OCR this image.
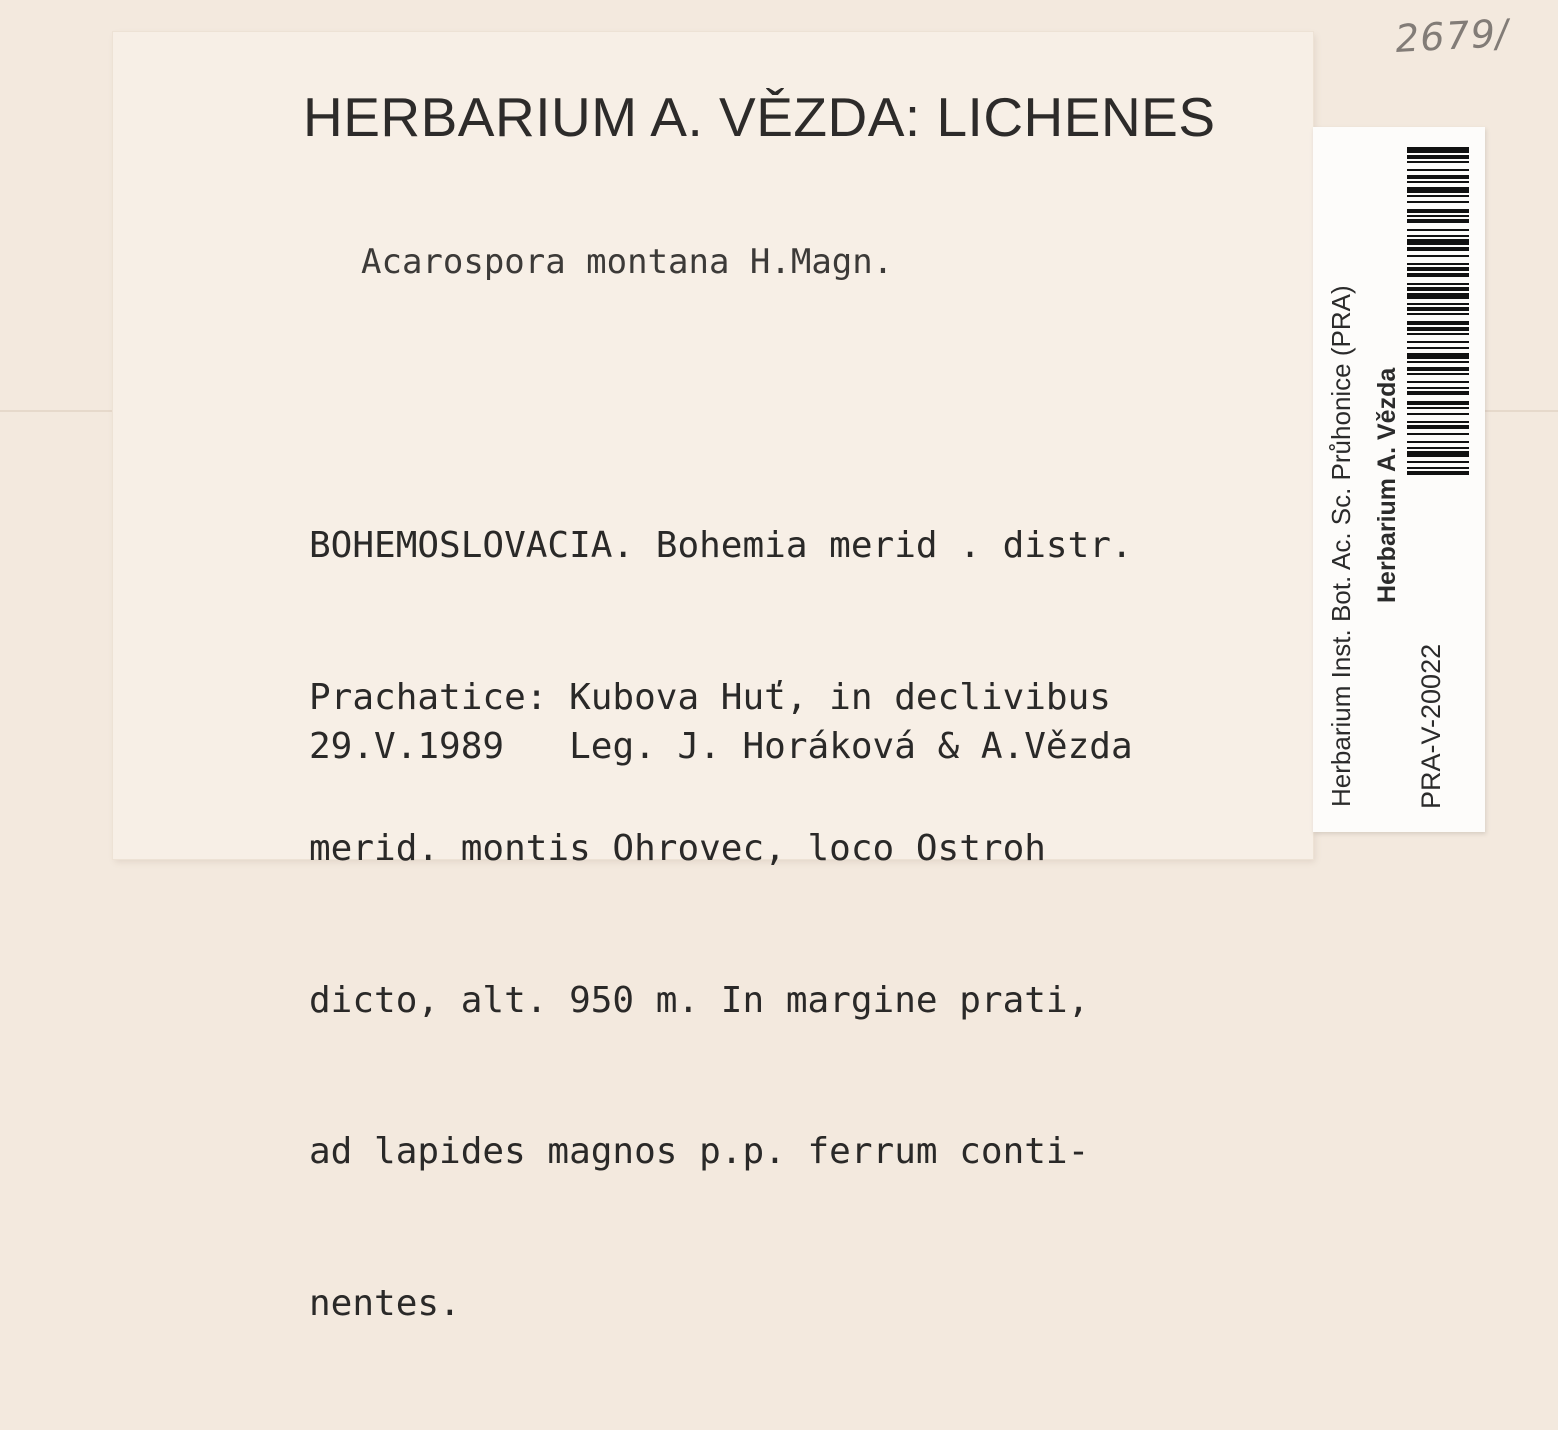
2679/
HERBARIUM A. VĚZDA: LICHENES
Acarospora montana H.Magn.

BOHEMOSLOVACIA. Bohemia merid . distr.

Prachatice: Kubova Huť, in declivibus

merid. montis Ohrovec, loco Ostroh

dicto, alt. 950 m. In margine prati,

ad lapides magnos p.p. ferrum conti-

nentes.

29.V.1989 Leg. J. Horáková & A.Vězda	Herbarium Inst. Bot. Ac. Sc. Průhonice (PRA) Herbarium A. Vězda
PRA-V-20022
